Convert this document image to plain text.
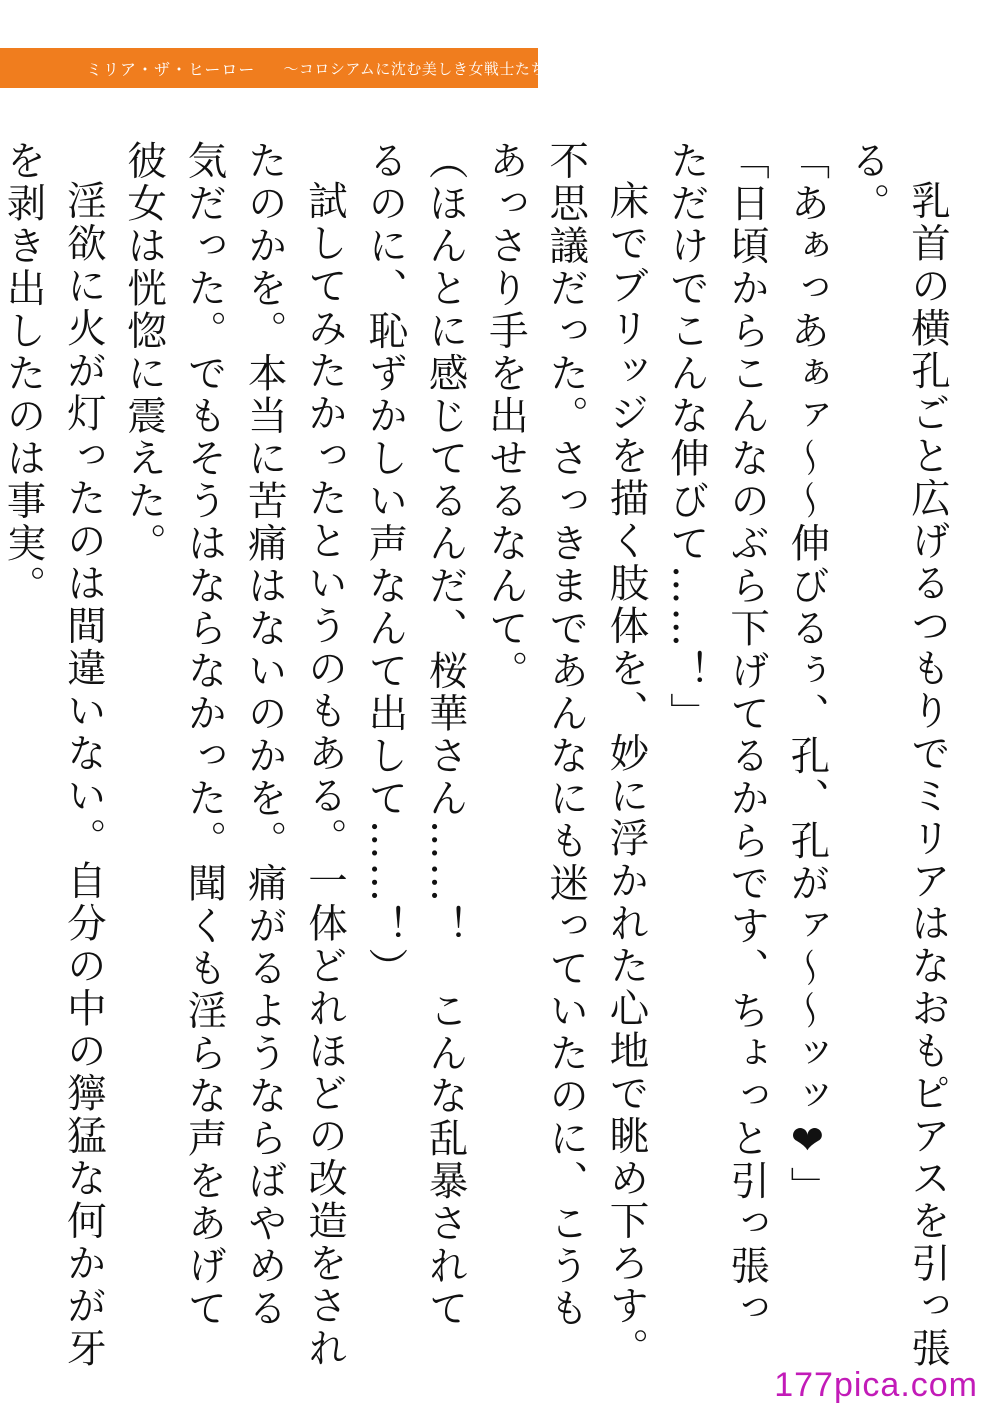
ミリア・ザ・ヒーロー 〜コロシアムに沈む美しき女戦士たち〜

乳首の横孔ごと広げるつもりでミリアはなおもピアスを引っ張る。

「あぁっあぁァ〜〜伸びるぅ、孔、孔がァ〜〜ッッ❤」

「日頃からこんなのぶら下げてるからです、ちょっと引っ張っただけでこんな伸びて……！」

床でブリッジを描く肢体を、妙に浮かれた心地で眺め下ろす。不思議だった。さっきまであんなにも迷っていたのに、こうもあっさり手を出せるなんて。

（ほんとに感じてるんだ、桜華さん……！　こんな乱暴されてるのに、恥ずかしい声なんて出して……！）

試してみたかったというのもある。一体どれほどの改造をされたのかを。本当に苦痛はないのかを。痛がるようならばやめる気だった。でもそうはならなかった。聞くも淫らな声をあげて彼女は恍惚に震えた。

淫欲に火が灯ったのは間違いない。自分の中の獰猛な何かが牙を剥き出したのは事実。

177pica.com
